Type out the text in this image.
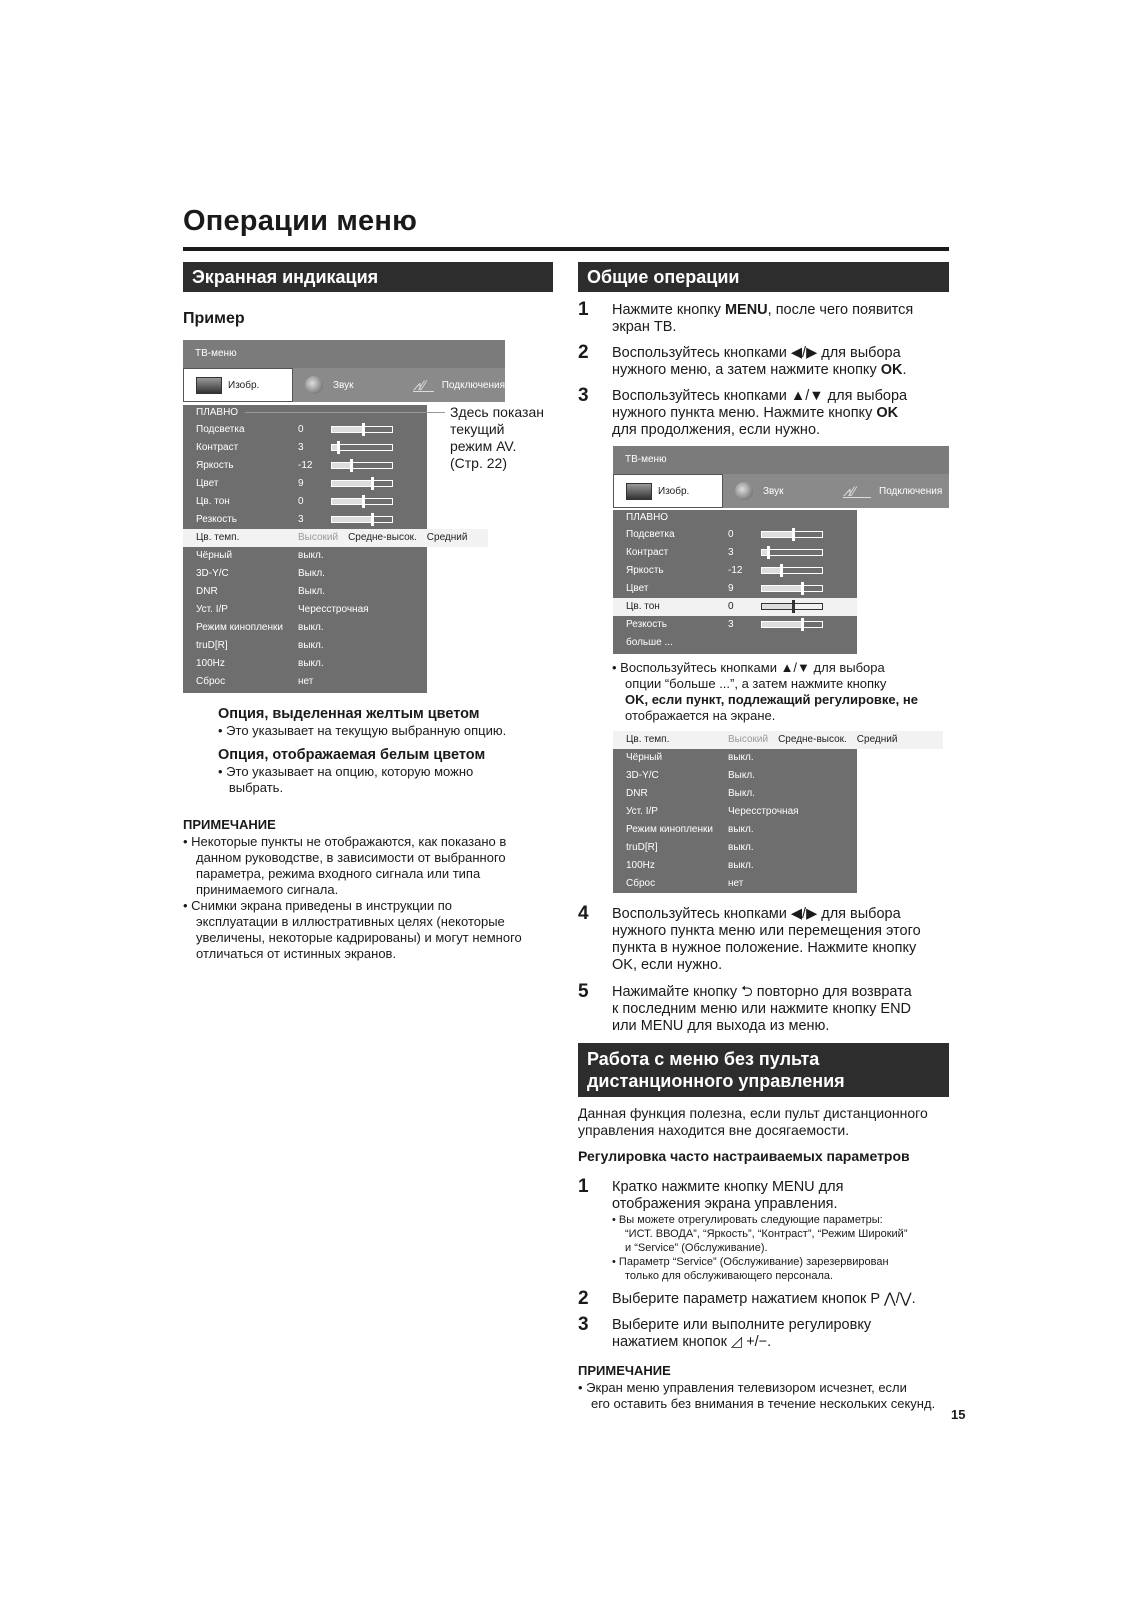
Операции меню
Экранная индикация
Пример
ТВ-меню
Изобр.	Звук	⩘⁄⁄	Подключения
ПЛАВНО
Подсветка	0
Контраст	3
Яркость	-12
Цвет	9
Цв. тон	0
Резкость	3
Цв. темп.	Высокий Средне-высок. Средний
Чёрный	выкл.
3D-Y/C	Выкл.
DNR	Выкл.
Уст. I/P	Чересстрочная
Режим кинопленки	выкл.
truD[R]	выкл.
100Hz	выкл.
Сброс	нет
Здесь показан
текущий
режим AV.
(Стр. 22)
Опция, выделенная желтым цветом
• Это указывает на текущую выбранную опцию.
Опция, отображаемая белым цветом
• Это указывает на опцию, которую можно
выбрать.
ПРИМЕЧАНИЕ
• Некоторые пункты не отображаются, как показано в
данном руководстве, в зависимости от выбранного
параметра, режима входного сигнала или типа
принимаемого сигнала.
• Снимки экрана приведены в инструкции по
эксплуатации в иллюстративных целях (некоторые
увеличены, некоторые кадрированы) и могут немного
отличаться от истинных экранов.
Общие операции
1 Нажмите кнопку MENU, после чего появится
экран ТВ.
2 Воспользуйтесь кнопками ◀/▶ для выбора
нужного меню, а затем нажмите кнопку OK.
3 Воспользуйтесь кнопками ▲/▼ для выбора
нужного пункта меню. Нажмите кнопку OK
для продолжения, если нужно.
ТВ-меню
Изобр.	Звук	⩘⁄⁄	Подключения
ПЛАВНО
Подсветка	0
Контраст	3
Яркость	-12
Цвет	9
Цв. тон	0
Резкость	3
больше ...
• Воспользуйтесь кнопками ▲/▼ для выбора
опции “больше ...”, а затем нажмите кнопку
OK, если пункт, подлежащий регулировке, не
отображается на экране.
Цв. темп.	Высокий Средне-высок. Средний
Чёрный	выкл.
3D-Y/C	Выкл.
DNR	Выкл.
Уст. I/P	Чересстрочная
Режим кинопленки	выкл.
truD[R]	выкл.
100Hz	выкл.
Сброс	нет
4 Воспользуйтесь кнопками ◀/▶ для выбора
нужного пункта меню или перемещения этого
пункта в нужное положение. Нажмите кнопку
OK, если нужно.
5 Нажимайте кнопку ⮌ повторно для возврата
к последним меню или нажмите кнопку END
или MENU для выхода из меню.
Работа с меню без пульта
дистанционного управления
Данная функция полезна, если пульт дистанционного
управления находится вне досягаемости.
Регулировка часто настраиваемых параметров
1 Кратко нажмите кнопку MENU для
отображения экрана управления.
• Вы можете отрегулировать следующие параметры:
“ИСТ. ВВОДА”, “Яркость”, “Контраст”, “Режим Широкий”
и “Service” (Обслуживание).
• Параметр “Service” (Обслуживание) зарезервирован
только для обслуживающего персонала.
2 Выберите параметр нажатием кнопок P ⋀/⋁.
3 Выберите или выполните регулировку
нажатием кнопок ◿ +/−.
ПРИМЕЧАНИЕ
• Экран меню управления телевизором исчезнет, если
его оставить без внимания в течение нескольких секунд.
15
